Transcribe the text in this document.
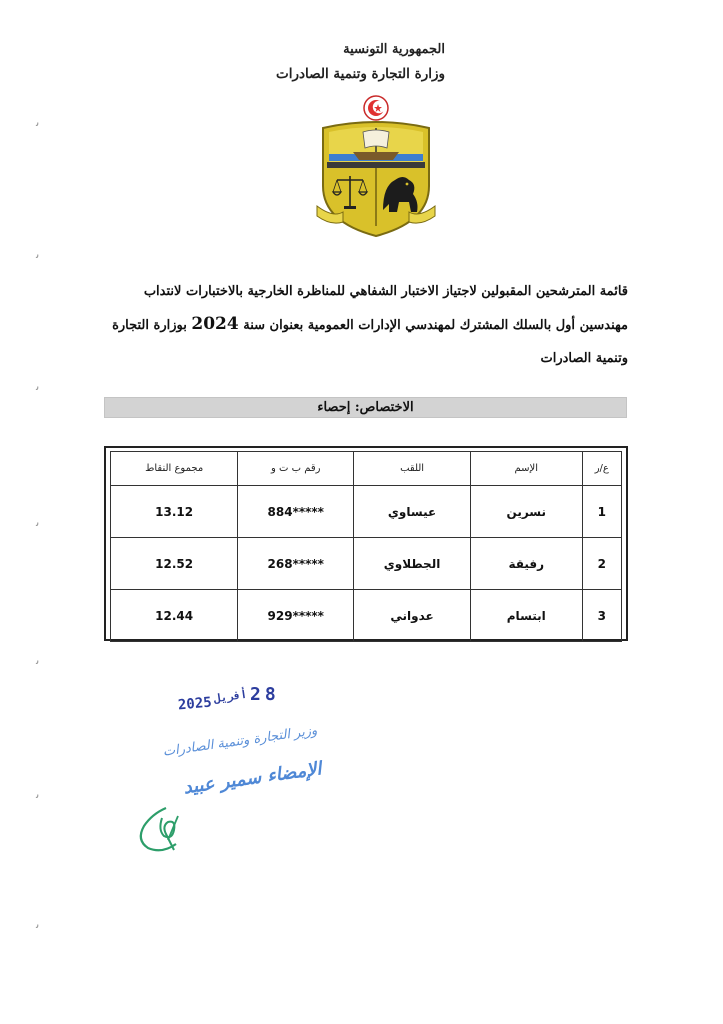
الجمهورية التونسية
وزارة التجارة وتنمية الصادرات
قائمة المترشحين المقبولين لاجتياز الاختبار الشفاهي للمناظرة الخارجية بالاختبارات لانتداب
مهندسين أول بالسلك المشترك لمهندسي الإدارات العمومية بعنوان سنة 2024 بوزارة التجارة
وتنمية الصادرات
الاختصاص: إحصاء
ع/ر	الإسم	اللقب	رقم ب ت و	مجموع النقاط
1	نسرين	عيساوي	884*****	13.12
2	رفيقة	الجطلاوي	268*****	12.52
3	ابتسام	عدواني	929*****	12.44
2025 أفريل 28
وزير التجارة وتنمية الصادرات
الإمضاء سمير عبيد
ﯨ
ﯨ
ﯨ
ﯨ
ﯨ
ﯨ
ﯨ
